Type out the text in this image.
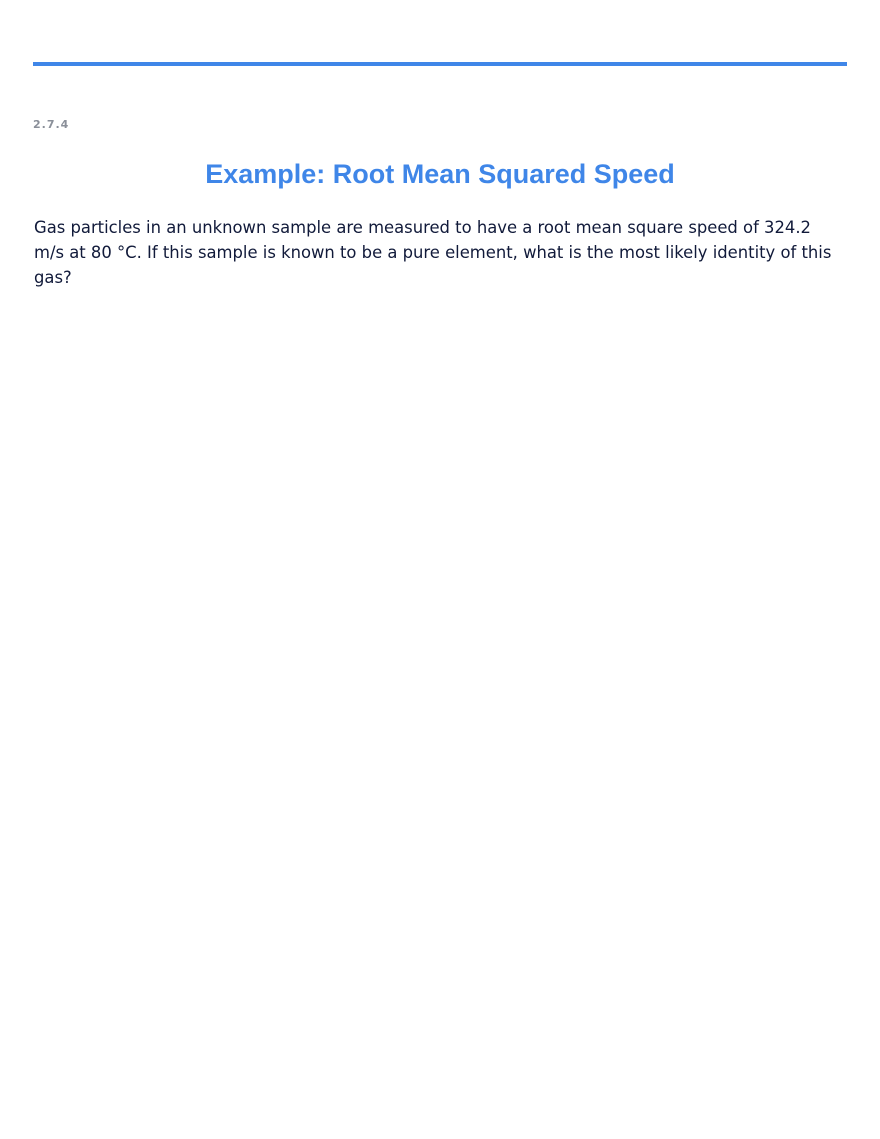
2.7.4
Example: Root Mean Squared Speed

Gas particles in an unknown sample are measured to have a root mean square speed of 324.2 m/s at 80 °C. If this sample is known to be a pure element, what is the most likely identity of this gas?
